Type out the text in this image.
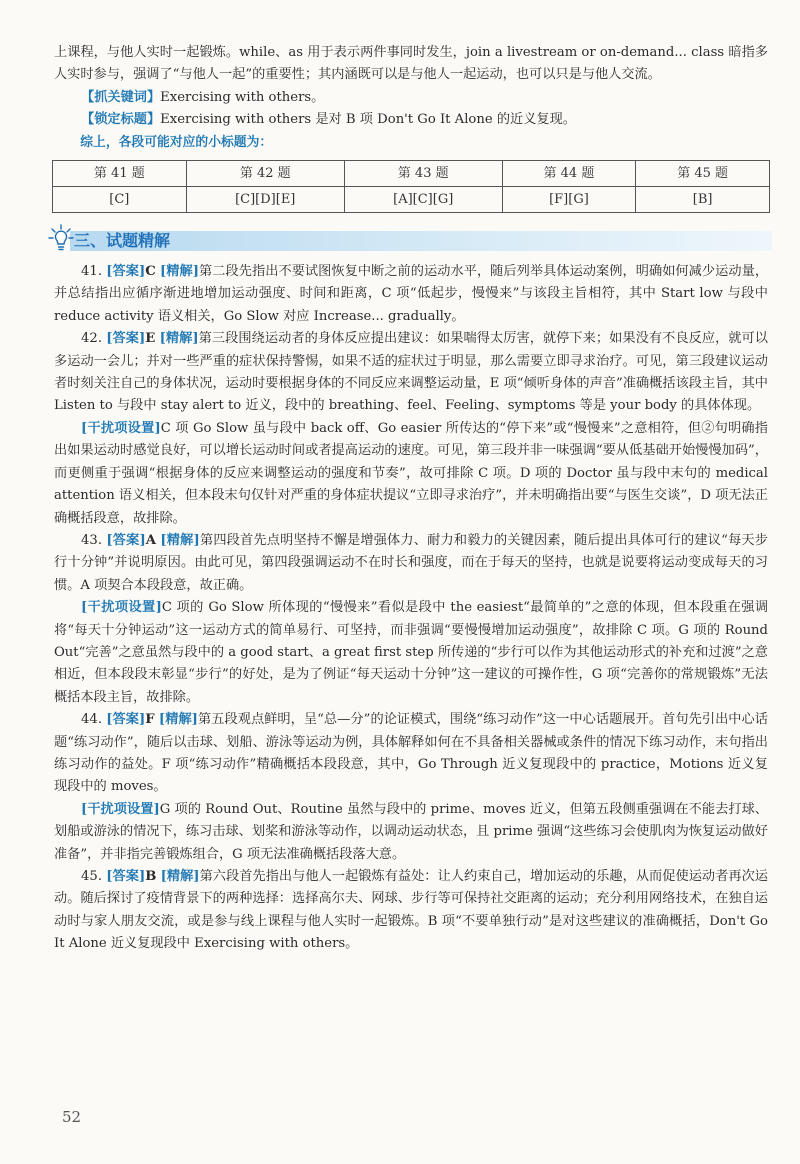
上课程，与他人实时一起锻炼。while、as 用于表示两件事同时发生，join a livestream or on-demand... class 暗指多人实时参与，强调了“与他人一起”的重要性；其内涵既可以是与他人一起运动，也可以只是与他人交流。

【抓关键词】Exercising with others。

【锁定标题】Exercising with others 是对 B 项 Don't Go It Alone 的近义复现。

综上，各段可能对应的小标题为：

第 41 题	第 42 题	第 43 题	第 44 题	第 45 题
[C]	[C][D][E]	[A][C][G]	[F][G]	[B]
三、试题精解

41. [答案]C [精解]第二段先指出不要试图恢复中断之前的运动水平，随后列举具体运动案例，明确如何减少运动量，并总结指出应循序渐进地增加运动强度、时间和距离，C 项“低起步，慢慢来”与该段主旨相符，其中 Start low 与段中 reduce activity 语义相关，Go Slow 对应 Increase... gradually。

42. [答案]E [精解]第三段围绕运动者的身体反应提出建议：如果喘得太厉害，就停下来；如果没有不良反应，就可以多运动一会儿；并对一些严重的症状保持警惕，如果不适的症状过于明显，那么需要立即寻求治疗。可见，第三段建议运动者时刻关注自己的身体状况，运动时要根据身体的不同反应来调整运动量，E 项“倾听身体的声音”准确概括该段主旨，其中 Listen to 与段中 stay alert to 近义，段中的 breathing、feel、Feeling、symptoms 等是 your body 的具体体现。

[干扰项设置]C 项 Go Slow 虽与段中 back off、Go easier 所传达的“停下来”或“慢慢来”之意相符，但②句明确指出如果运动时感觉良好，可以增长运动时间或者提高运动的速度。可见，第三段并非一味强调“要从低基础开始慢慢加码”，而更侧重于强调“根据身体的反应来调整运动的强度和节奏”，故可排除 C 项。D 项的 Doctor 虽与段中末句的 medical attention 语义相关，但本段末句仅针对严重的身体症状提议“立即寻求治疗”，并未明确指出要“与医生交谈”，D 项无法正确概括段意，故排除。

43. [答案]A [精解]第四段首先点明坚持不懈是增强体力、耐力和毅力的关键因素，随后提出具体可行的建议“每天步行十分钟”并说明原因。由此可见，第四段强调运动不在时长和强度，而在于每天的坚持，也就是说要将运动变成每天的习惯。A 项契合本段段意，故正确。

[干扰项设置]C 项的 Go Slow 所体现的“慢慢来”看似是段中 the easiest“最简单的”之意的体现，但本段重在强调将“每天十分钟运动”这一运动方式的简单易行、可坚持，而非强调“要慢慢增加运动强度”，故排除 C 项。G 项的 Round Out“完善”之意虽然与段中的 a good start、a great first step 所传递的“步行可以作为其他运动形式的补充和过渡”之意相近，但本段段末彰显“步行”的好处，是为了例证“每天运动十分钟”这一建议的可操作性，G 项“完善你的常规锻炼”无法概括本段主旨，故排除。

44. [答案]F [精解]第五段观点鲜明，呈“总—分”的论证模式，围绕“练习动作”这一中心话题展开。首句先引出中心话题“练习动作”，随后以击球、划船、游泳等运动为例，具体解释如何在不具备相关器械或条件的情况下练习动作，末句指出练习动作的益处。F 项“练习动作”精确概括本段段意，其中，Go Through 近义复现段中的 practice，Motions 近义复现段中的 moves。

[干扰项设置]G 项的 Round Out、Routine 虽然与段中的 prime、moves 近义，但第五段侧重强调在不能去打球、划船或游泳的情况下，练习击球、划桨和游泳等动作，以调动运动状态，且 prime 强调“这些练习会使肌肉为恢复运动做好准备”，并非指完善锻炼组合，G 项无法准确概括段落大意。

45. [答案]B [精解]第六段首先指出与他人一起锻炼有益处：让人约束自己，增加运动的乐趣，从而促使运动者再次运动。随后探讨了疫情背景下的两种选择：选择高尔夫、网球、步行等可保持社交距离的运动；充分利用网络技术，在独自运动时与家人朋友交流，或是参与线上课程与他人实时一起锻炼。B 项“不要单独行动”是对这些建议的准确概括，Don't Go It Alone 近义复现段中 Exercising with others。

52
